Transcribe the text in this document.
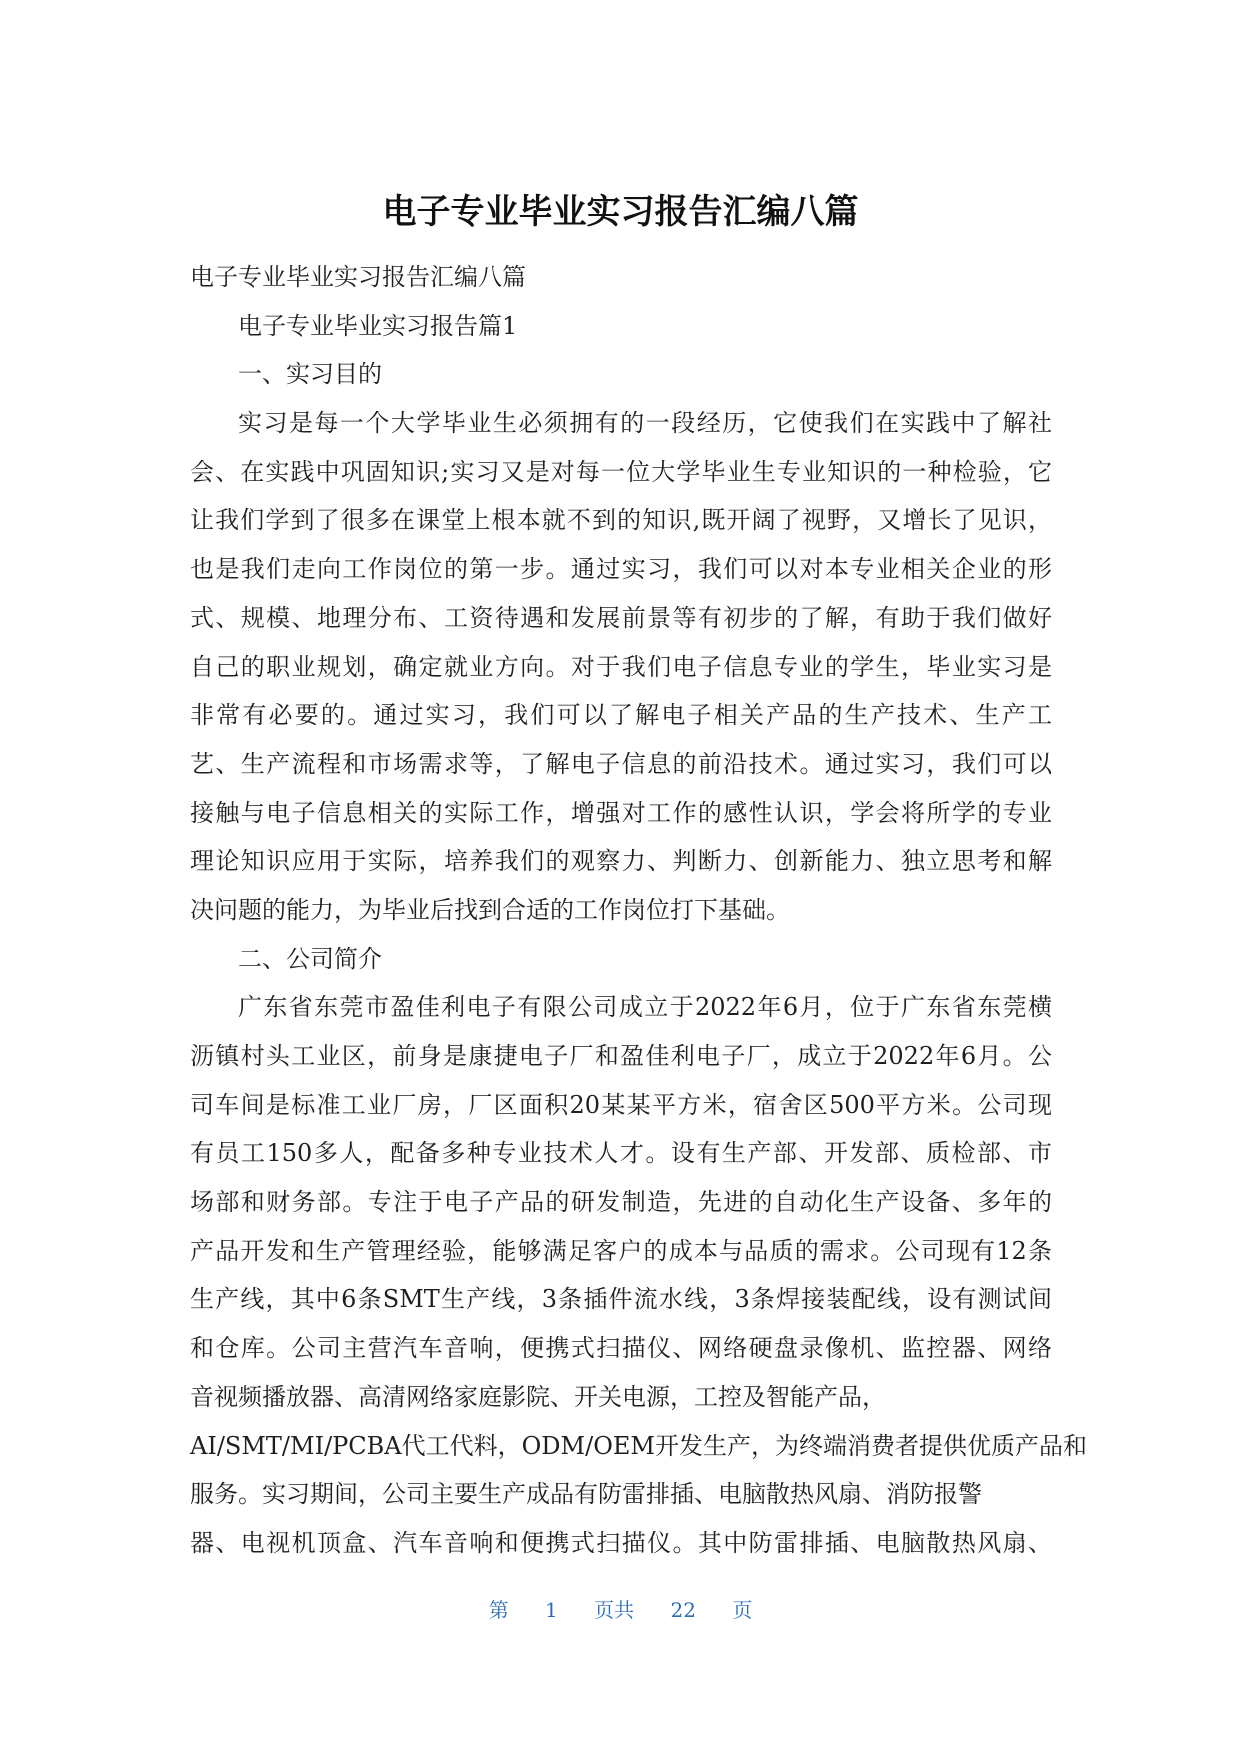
电子专业毕业实习报告汇编八篇
电子专业毕业实习报告汇编八篇
电子专业毕业实习报告篇1
一、实习目的
实习是每一个大学毕业生必须拥有的一段经历，它使我们在实践中了解社
会、在实践中巩固知识;实习又是对每一位大学毕业生专业知识的一种检验，它
让我们学到了很多在课堂上根本就不到的知识,既开阔了视野，又增长了见识，
也是我们走向工作岗位的第一步。通过实习，我们可以对本专业相关企业的形
式、规模、地理分布、工资待遇和发展前景等有初步的了解，有助于我们做好
自己的职业规划，确定就业方向。对于我们电子信息专业的学生，毕业实习是
非常有必要的。通过实习，我们可以了解电子相关产品的生产技术、生产工
艺、生产流程和市场需求等，了解电子信息的前沿技术。通过实习，我们可以
接触与电子信息相关的实际工作，增强对工作的感性认识，学会将所学的专业
理论知识应用于实际，培养我们的观察力、判断力、创新能力、独立思考和解
决问题的能力，为毕业后找到合适的工作岗位打下基础。
二、公司简介
广东省东莞市盈佳利电子有限公司成立于2022年6月，位于广东省东莞横
沥镇村头工业区，前身是康捷电子厂和盈佳利电子厂，成立于2022年6月。公
司车间是标准工业厂房，厂区面积20某某平方米，宿舍区500平方米。公司现
有员工150多人，配备多种专业技术人才。设有生产部、开发部、质检部、市
场部和财务部。专注于电子产品的研发制造，先进的自动化生产设备、多年的
产品开发和生产管理经验，能够满足客户的成本与品质的需求。公司现有12条
生产线，其中6条SMT生产线，3条插件流水线，3条焊接装配线，设有测试间
和仓库。公司主营汽车音响，便携式扫描仪、网络硬盘录像机、监控器、网络
音视频播放器、高清网络家庭影院、开关电源，工控及智能产品，
AI/SMT/MI/PCBA代工代料，ODM/OEM开发生产，为终端消费者提供优质产品和
服务。实习期间，公司主要生产成品有防雷排插、电脑散热风扇、消防报警
器、电视机顶盒、汽车音响和便携式扫描仪。其中防雷排插、电脑散热风扇、
第 1 页共 22 页
